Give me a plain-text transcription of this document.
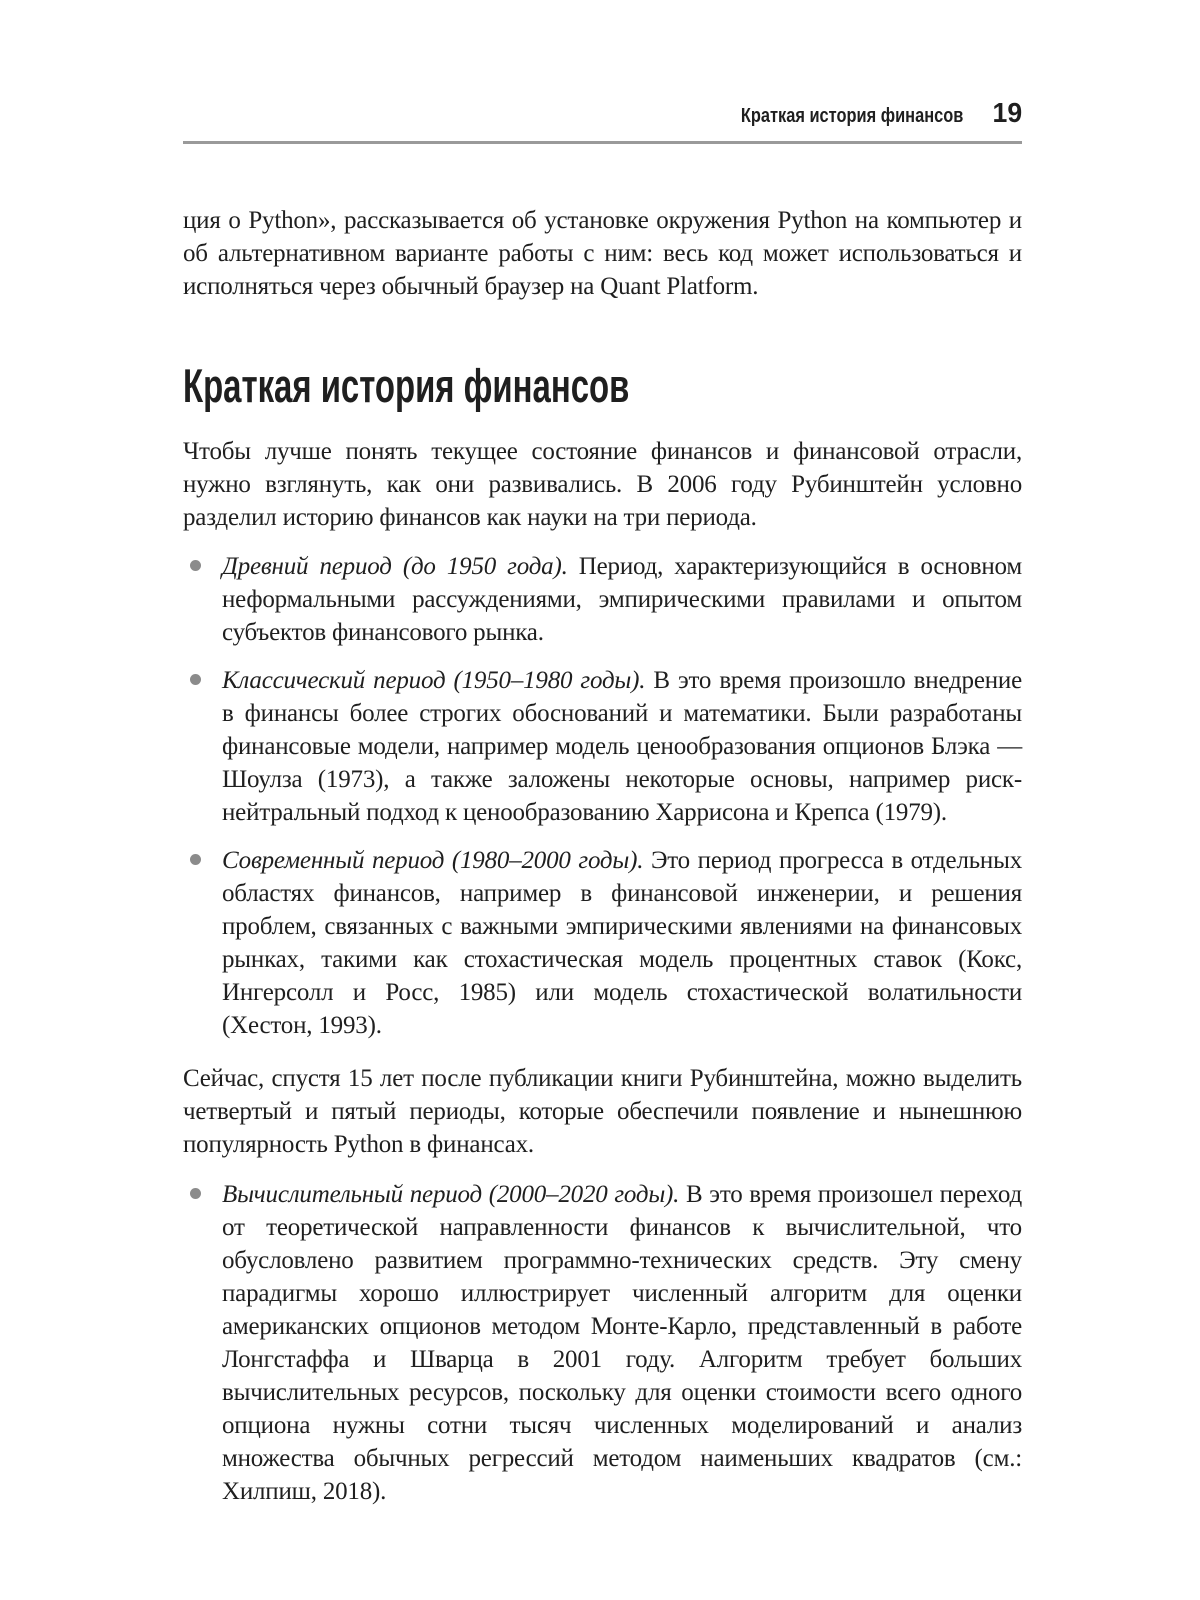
Краткая история финансов 19

ция о Python», рассказывается об установке окружения Python на компьютер и об альтернативном варианте работы с ним: весь код может использоваться и исполняться через обычный браузер на Quant Platform.

Краткая история финансов

Чтобы лучше понять текущее состояние финансов и финансовой отрасли, нужно взглянуть, как они развивались. В 2006 году Рубинштейн условно разделил историю финансов как науки на три периода.

Древний период (до 1950 года). Период, характеризующийся в основном неформальными рассуждениями, эмпирическими правилами и опытом субъектов финансового рынка.
Классический период (1950–1980 годы). В это время произошло внедрение в финансы более строгих обоснований и математики. Были разработаны финансовые модели, например модель ценообразования опционов Блэка — Шоулза (1973), а также заложены некоторые основы, например риск-нейтральный подход к ценообразованию Харрисона и Крепса (1979).
Современный период (1980–2000 годы). Это период прогресса в отдельных областях финансов, например в финансовой инженерии, и решения проблем, связанных с важными эмпирическими явлениями на финансовых рынках, такими как стохастическая модель процентных ставок (Кокс, Ингерсолл и Росс, 1985) или модель стохастической волатильности (Хестон, 1993).

Сейчас, спустя 15 лет после публикации книги Рубинштейна, можно выделить четвертый и пятый периоды, которые обеспечили появление и нынешнюю популярность Python в финансах.

Вычислительный период (2000–2020 годы). В это время произошел переход от теоретической направленности финансов к вычислительной, что обусловлено развитием программно-технических средств. Эту смену парадигмы хорошо иллюстрирует численный алгоритм для оценки американских опционов методом Монте-Карло, представленный в работе Лонгстаффа и Шварца в 2001 году. Алгоритм требует больших вычислительных ресурсов, поскольку для оценки стоимости всего одного опциона нужны сотни тысяч численных моделирований и анализ множества обычных регрессий методом наименьших квадратов (см.: Хилпиш, 2018).
